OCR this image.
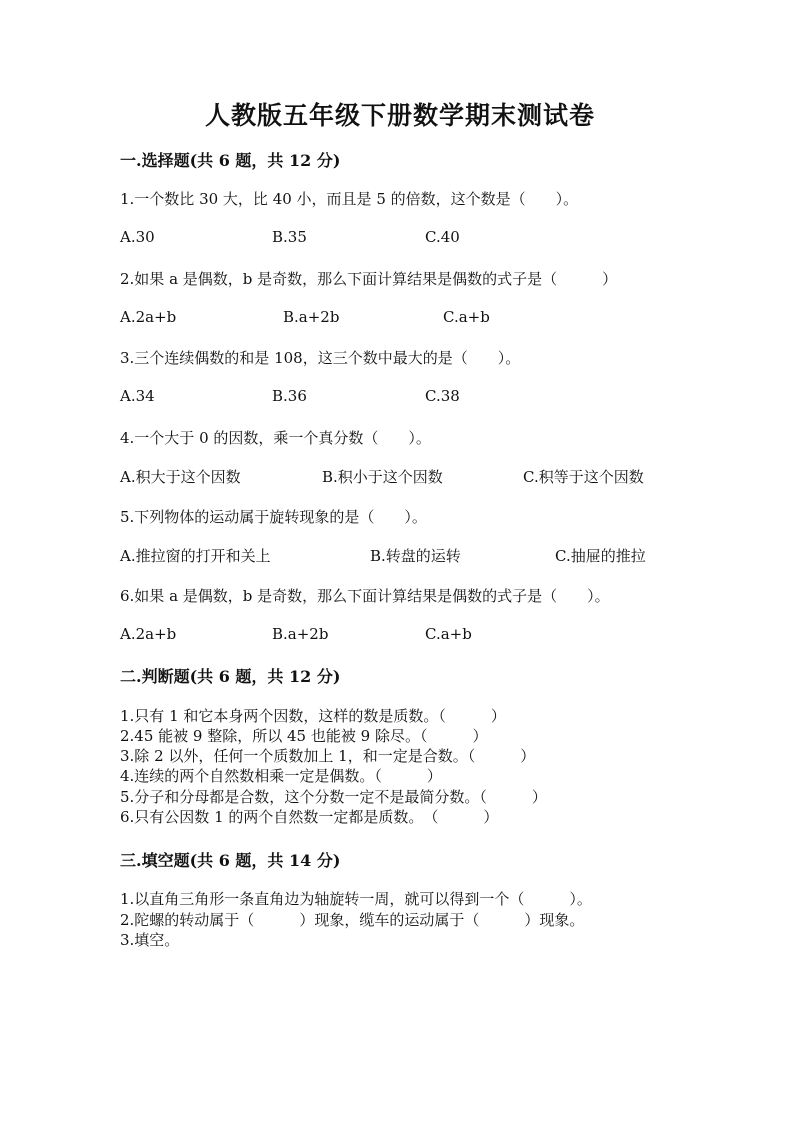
人教版五年级下册数学期末测试卷
一.选择题(共 6 题，共 12 分)
1.一个数比 30 大，比 40 小，而且是 5 的倍数，这个数是（　　）。
A.30	B.35	C.40
2.如果 a 是偶数，b 是奇数，那么下面计算结果是偶数的式子是（　　　）
A.2a+b	B.a+2b	C.a+b
3.三个连续偶数的和是 108，这三个数中最大的是（　　）。
A.34	B.36	C.38
4.一个大于 0 的因数，乘一个真分数（　　）。
A.积大于这个因数	B.积小于这个因数	C.积等于这个因数
5.下列物体的运动属于旋转现象的是（　　）。
A.推拉窗的打开和关上	B.转盘的运转	C.抽屉的推拉
6.如果 a 是偶数，b 是奇数，那么下面计算结果是偶数的式子是（　　）。
A.2a+b	B.a+2b	C.a+b
二.判断题(共 6 题，共 12 分)
1.只有 1 和它本身两个因数，这样的数是质数。（　　　）
2.45 能被 9 整除，所以 45 也能被 9 除尽。（　　　）
3.除 2 以外，任何一个质数加上 1，和一定是合数。（　　　）
4.连续的两个自然数相乘一定是偶数。（　　　）
5.分子和分母都是合数，这个分数一定不是最简分数。（　　　）
6.只有公因数 1 的两个自然数一定都是质数。　（　　　）
三.填空题(共 6 题，共 14 分)
1.以直角三角形一条直角边为轴旋转一周，就可以得到一个（　　　）。
2.陀螺的转动属于（　　　）现象，缆车的运动属于（　　　）现象。
3.填空。
